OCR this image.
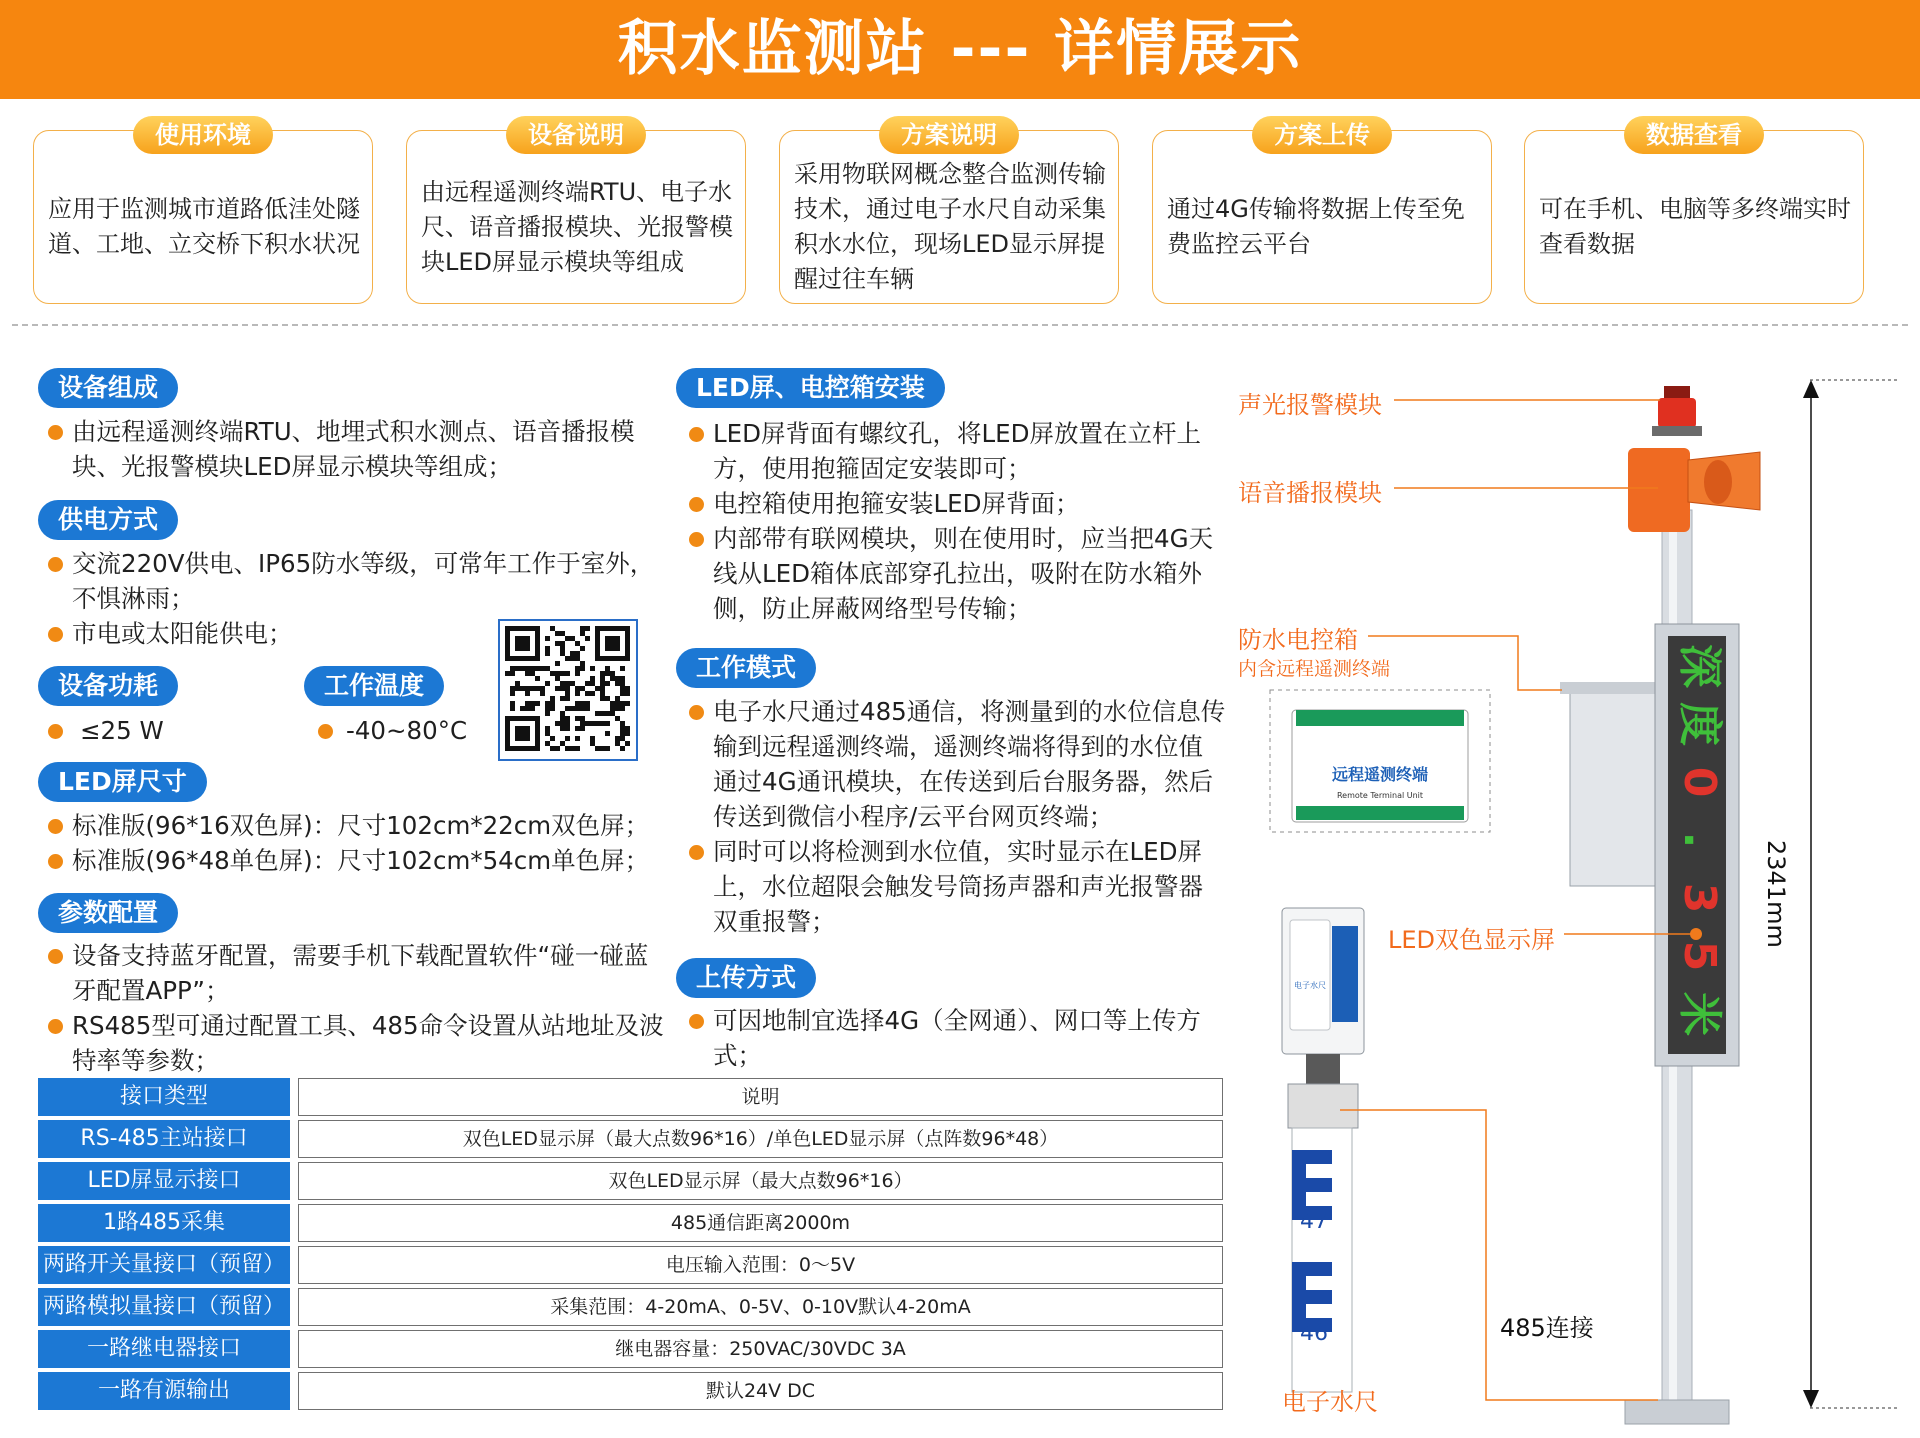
积水监测站 --- 详情展示
使用环境
应用于监测城市道路低洼处隧道、工地、立交桥下积水状况
设备说明
由远程遥测终端RTU、电子水尺、语音播报模块、光报警模块LED屏显示模块等组成
方案说明
采用物联网概念整合监测传输技术，通过电子水尺自动采集积水水位，现场LED显示屏提醒过往车辆
方案上传
通过4G传输将数据上传至免费监控云平台
数据查看
可在手机、电脑等多终端实时查看数据
设备组成
由远程遥测终端RTU、地埋式积水测点、语音播报模块、光报警模块LED屏显示模块等组成；
供电方式
交流220V供电、IP65防水等级，可常年工作于室外，不惧淋雨；
市电或太阳能供电；
设备功耗
≤25 W
工作温度
-40~80°C
LED屏尺寸
标准版(96*16双色屏)：尺寸102cm*22cm双色屏；
标准版(96*48单色屏)：尺寸102cm*54cm单色屏；
参数配置
设备支持蓝牙配置，需要手机下载配置软件“碰一碰蓝牙配置APP”；
RS485型可通过配置工具、485命令设置从站地址及波特率等参数；
LED屏、电控箱安装
LED屏背面有螺纹孔，将LED屏放置在立杆上方，使用抱箍固定安装即可；
电控箱使用抱箍安装LED屏背面；
内部带有联网模块，则在使用时，应当把4G天线从LED箱体底部穿孔拉出，吸附在防水箱外侧，防止屏蔽网络型号传输；
工作模式
电子水尺通过485通信，将测量到的水位信息传输到远程遥测终端，遥测终端将得到的水位值通过4G通讯模块，在传送到后台服务器，然后传送到微信小程序/云平台网页终端；
同时可以将检测到水位值，实时显示在LED屏上，水位超限会触发号筒扬声器和声光报警器双重报警；
上传方式
可因地制宜选择4G（全网通）、网口等上传方式；
接口类型	说明
RS-485主站接口	双色LED显示屏（最大点数96*16）/单色LED显示屏（点阵数96*48）
LED屏显示接口	双色LED显示屏（最大点数96*16）
1路485采集	485通信距离2000m
两路开关量接口（预留）	电压输入范围：0～5V
两路模拟量接口（预留）	采集范围：4-20mA、0-5V、0-10V默认4-20mA
一路继电器接口	继电器容量：250VAC/30VDC 3A
一路有源输出	默认24V DC
深
度
0
.
3
5
米
远程遥测终端
Remote Terminal Unit
电子水尺
47
46
声光报警模块
语音播报模块
防水电控箱
内含远程遥测终端
LED双色显示屏
485连接
电子水尺
2341mm
